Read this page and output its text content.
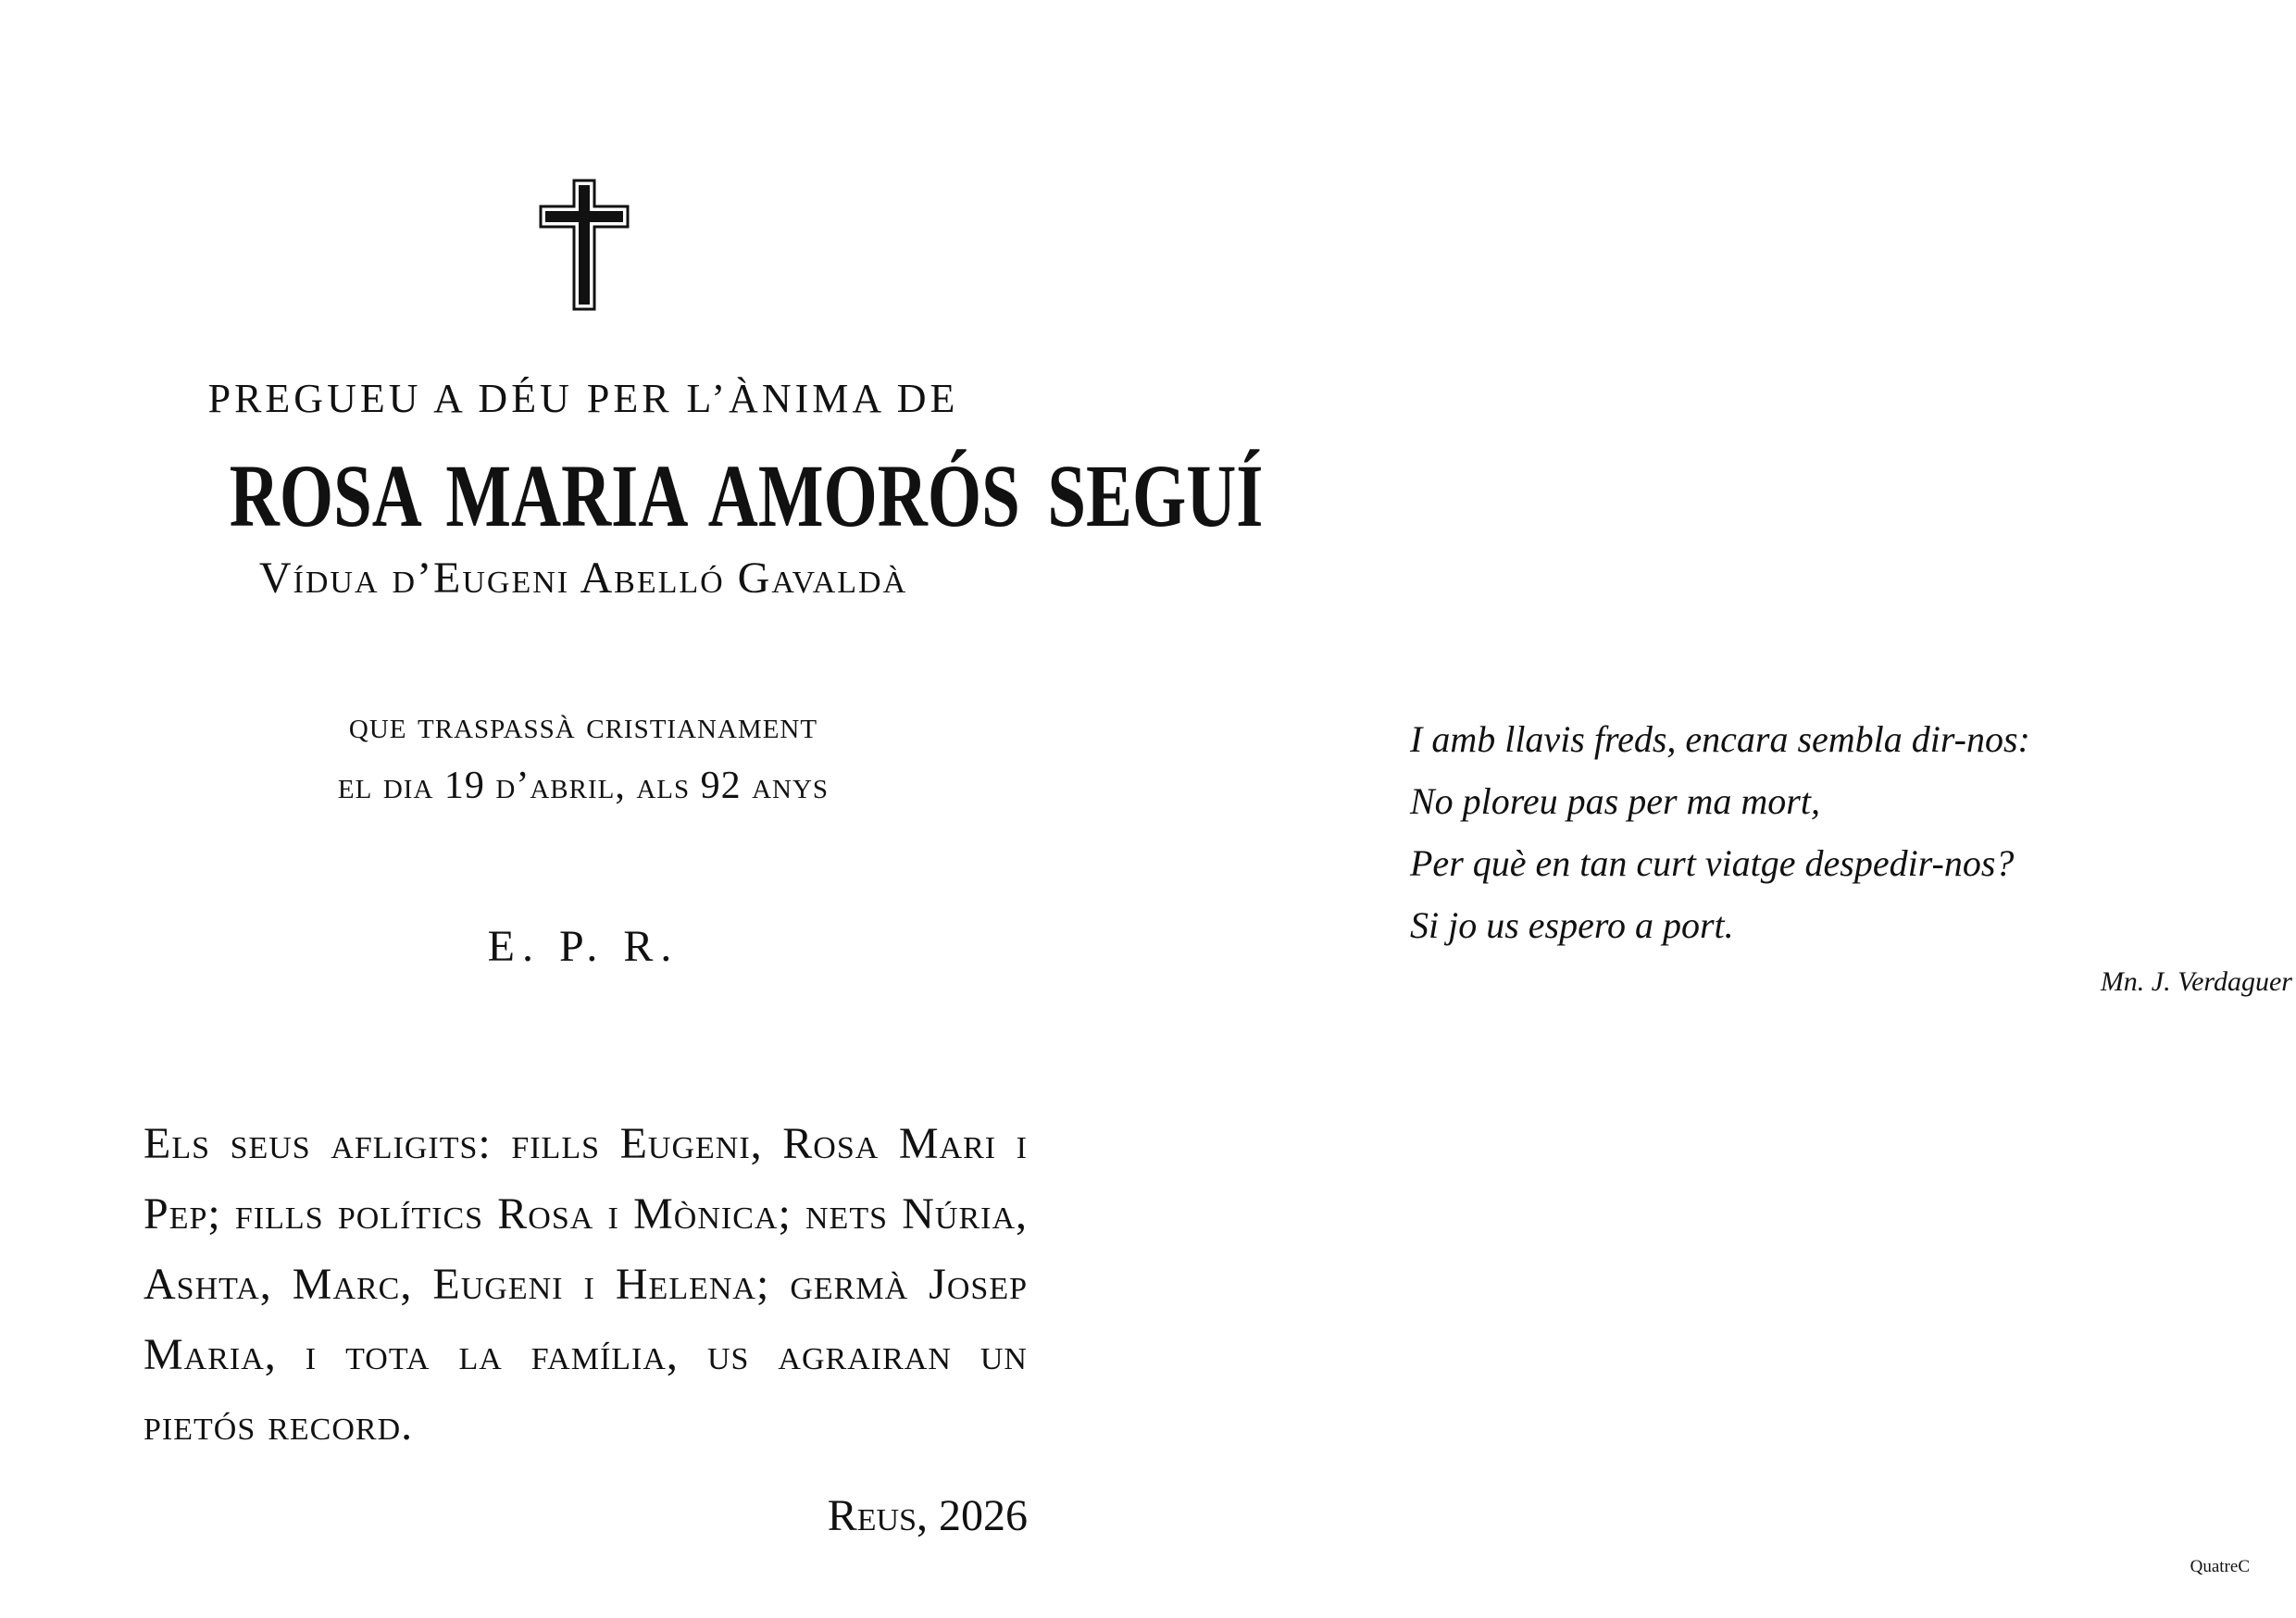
PREGUEU A DÉU PER L’ÀNIMA DE
ROSA MARIA AMORÓS SEGUÍ
Vídua d’Eugeni Abelló Gavaldà
que traspassà cristianament
el dia 19 d’abril, als 92 anys
E. P. R.
Els seus afligits: fills Eugeni, Rosa Mari i Pep; fills polítics Rosa i Mònica; nets Núria, Ashta, Marc, Eugeni i Helena; germà Josep Maria, i tota la família, us agrairan un pietós record.
Reus, 2026
I amb llavis freds, encara sembla dir-nos:
No ploreu pas per ma mort,
Per què en tan curt viatge despedir-nos?
Si jo us espero a port.
Mn. J. Verdaguer
QuatreC
